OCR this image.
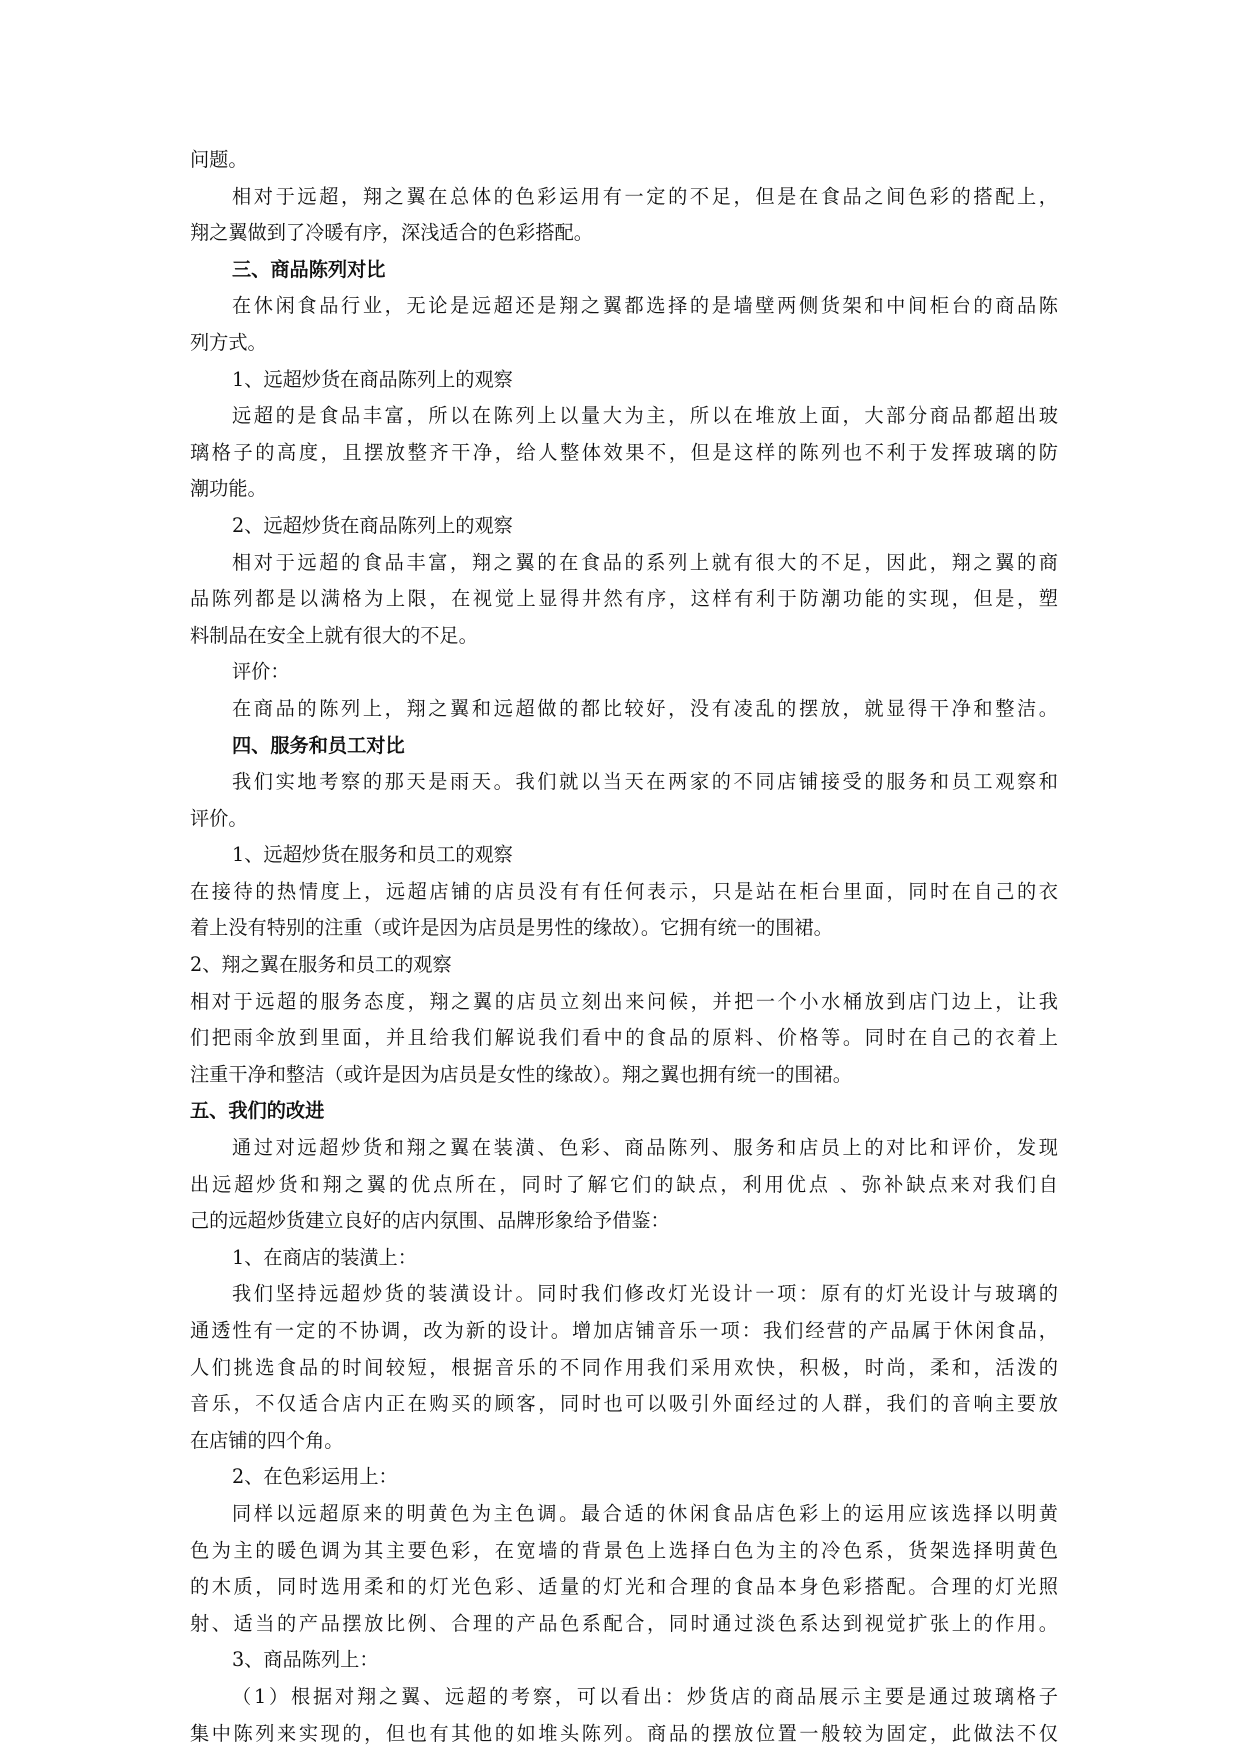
问题。
相对于远超，翔之翼在总体的色彩运用有一定的不足，但是在食品之间色彩的搭配上，
翔之翼做到了冷暖有序，深浅适合的色彩搭配。
三、商品陈列对比
在休闲食品行业，无论是远超还是翔之翼都选择的是墙壁两侧货架和中间柜台的商品陈
列方式。
1、远超炒货在商品陈列上的观察
远超的是食品丰富，所以在陈列上以量大为主，所以在堆放上面，大部分商品都超出玻
璃格子的高度，且摆放整齐干净，给人整体效果不，但是这样的陈列也不利于发挥玻璃的防
潮功能。
2、远超炒货在商品陈列上的观察
相对于远超的食品丰富，翔之翼的在食品的系列上就有很大的不足，因此，翔之翼的商
品陈列都是以满格为上限，在视觉上显得井然有序，这样有利于防潮功能的实现，但是，塑
料制品在安全上就有很大的不足。
评价：
在商品的陈列上，翔之翼和远超做的都比较好，没有凌乱的摆放，就显得干净和整洁。
四、服务和员工对比
我们实地考察的那天是雨天。我们就以当天在两家的不同店铺接受的服务和员工观察和
评价。
1、远超炒货在服务和员工的观察
在接待的热情度上，远超店铺的店员没有有任何表示，只是站在柜台里面，同时在自己的衣
着上没有特别的注重（或许是因为店员是男性的缘故）。它拥有统一的围裙。
2、翔之翼在服务和员工的观察
相对于远超的服务态度，翔之翼的店员立刻出来问候，并把一个小水桶放到店门边上，让我
们把雨伞放到里面，并且给我们解说我们看中的食品的原料、价格等。同时在自己的衣着上
注重干净和整洁（或许是因为店员是女性的缘故）。翔之翼也拥有统一的围裙。
五、我们的改进
通过对远超炒货和翔之翼在装潢、色彩、商品陈列、服务和店员上的对比和评价，发现
出远超炒货和翔之翼的优点所在，同时了解它们的缺点，利用优点 、弥补缺点来对我们自
己的远超炒货建立良好的店内氛围、品牌形象给予借鉴：
1、在商店的装潢上：
我们坚持远超炒货的装潢设计。同时我们修改灯光设计一项：原有的灯光设计与玻璃的
通透性有一定的不协调，改为新的设计。增加店铺音乐一项：我们经营的产品属于休闲食品，
人们挑选食品的时间较短，根据音乐的不同作用我们采用欢快，积极，时尚，柔和，活泼的
音乐，不仅适合店内正在购买的顾客，同时也可以吸引外面经过的人群，我们的音响主要放
在店铺的四个角。
2、在色彩运用上：
同样以远超原来的明黄色为主色调。最合适的休闲食品店色彩上的运用应该选择以明黄
色为主的暖色调为其主要色彩，在宽墙的背景色上选择白色为主的冷色系，货架选择明黄色
的木质，同时选用柔和的灯光色彩、适量的灯光和合理的食品本身色彩搭配。合理的灯光照
射、适当的产品摆放比例、合理的产品色系配合，同时通过淡色系达到视觉扩张上的作用。
3、商品陈列上：
（1）根据对翔之翼、远超的考察，可以看出：炒货店的商品展示主要是通过玻璃格子
集中陈列来实现的，但也有其他的如堆头陈列。商品的摆放位置一般较为固定，此做法不仅
